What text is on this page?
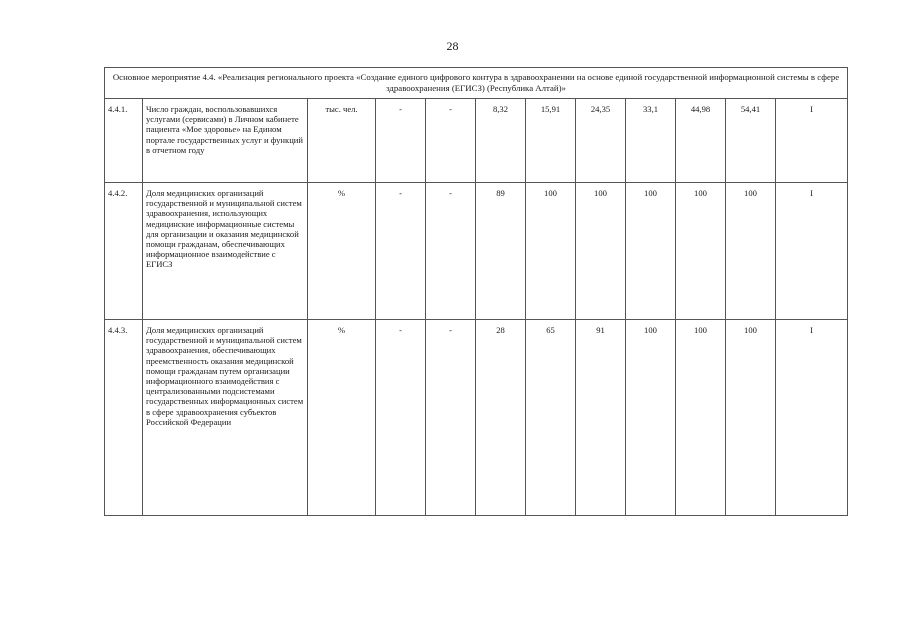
28
Основное мероприятие 4.4. «Реализация регионального проекта «Создание единого цифрового контура в здравоохранении на основе единой государственной информационной системы в сфере здравоохранения (ЕГИСЗ) (Республика Алтай)»											
4.4.1.	Число граждан, воспользовавшихся услугами (сервисами) в Личном кабинете пациента «Мое здоровье» на Едином портале государственных услуг и функций в отчетном году	тыс. чел.	-	-	8,32	15,91	24,35	33,1	44,98	54,41	I
4.4.2.	Доля медицинских организаций государственной и муниципальной систем здравоохранения, использующих медицинские информационные системы для организации и оказания медицинской помощи гражданам, обеспечивающих информационное взаимодействие с ЕГИСЗ	%	-	-	89	100	100	100	100	100	I
4.4.3.	Доля медицинских организаций государственной и муниципальной систем здравоохранения, обеспечивающих преемственность оказания медицинской помощи гражданам путем организации информационного взаимодействия с централизованными подсистемами государственных информационных систем в сфере здравоохранения субъектов Российской Федерации	%	-	-	28	65	91	100	100	100	I
